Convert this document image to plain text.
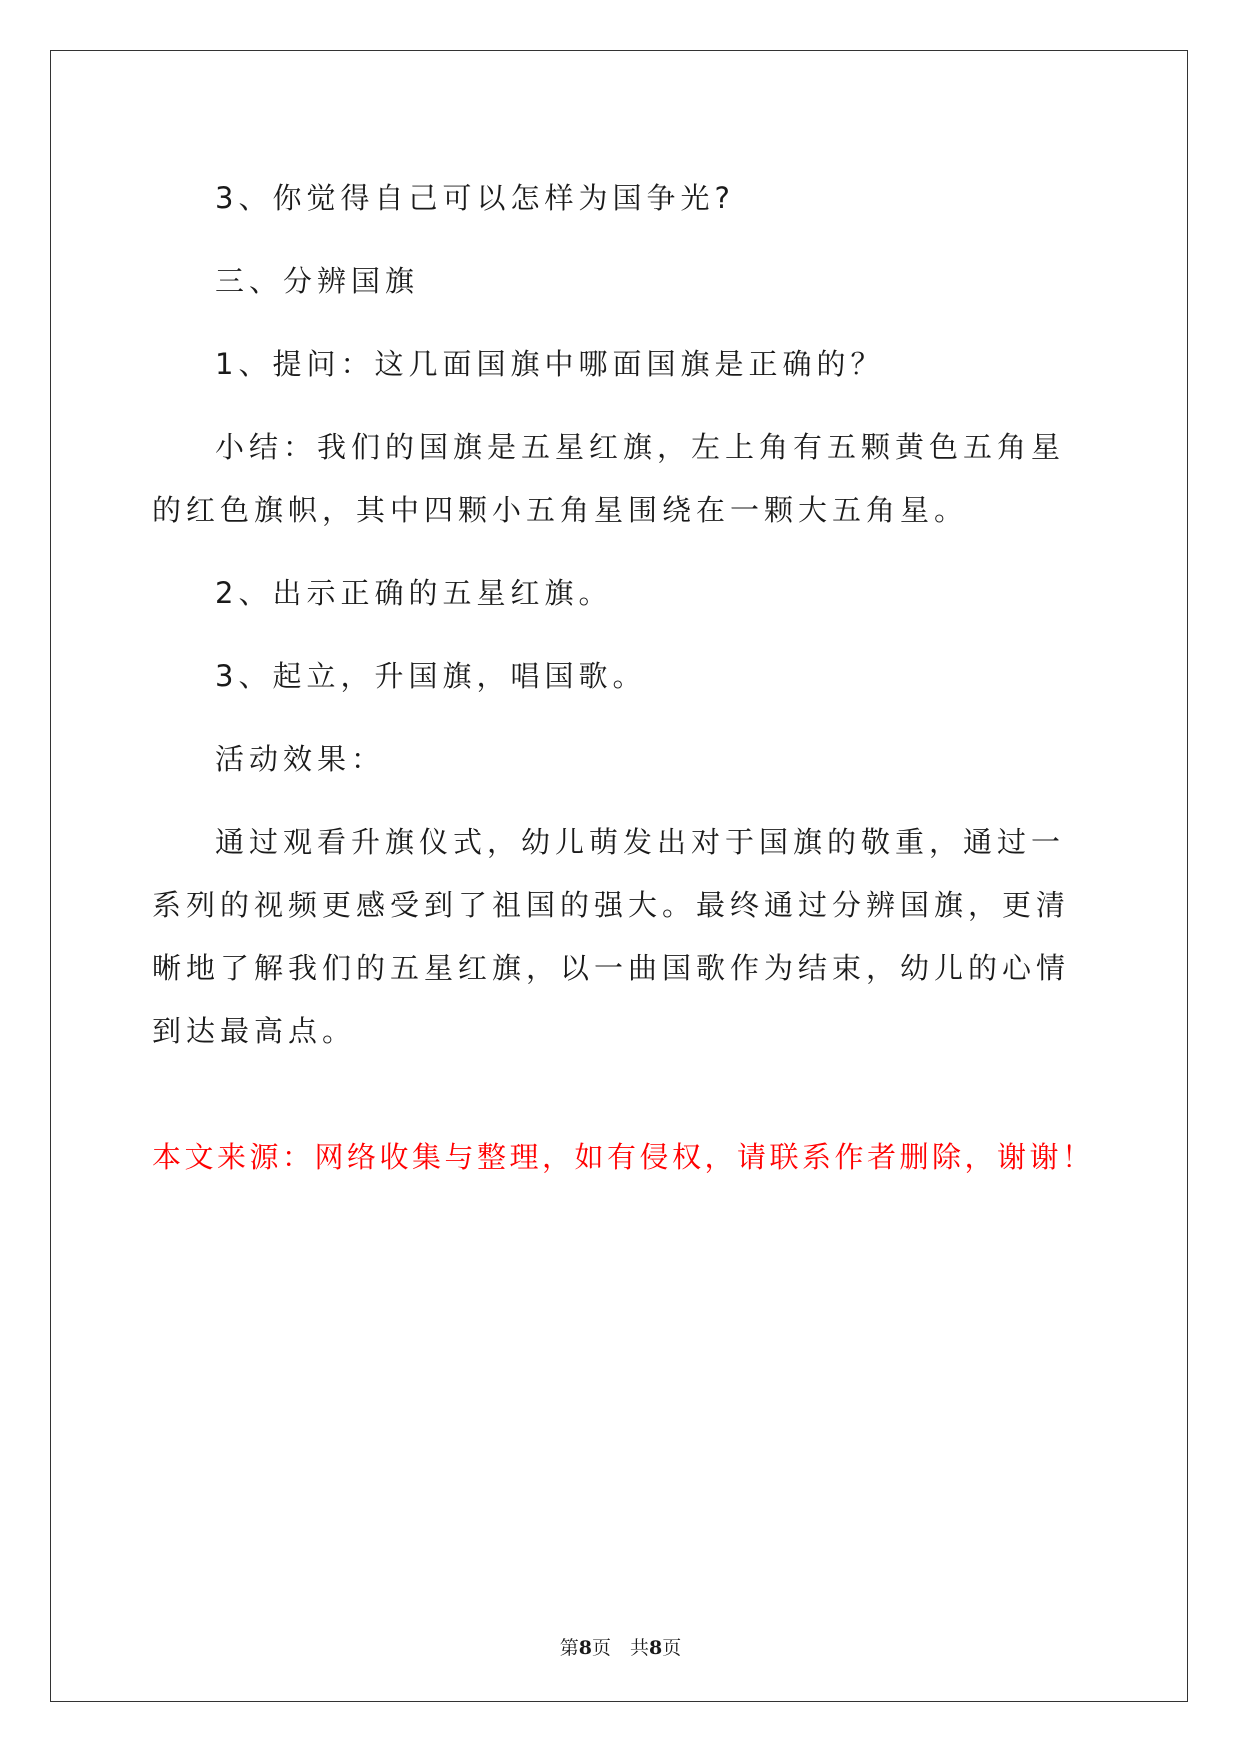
3、你觉得自己可以怎样为国争光?

三、分辨国旗

1、提问：这几面国旗中哪面国旗是正确的？

小结：我们的国旗是五星红旗，左上角有五颗黄色五角星的红色旗帜，其中四颗小五角星围绕在一颗大五角星。

2、出示正确的五星红旗。

3、起立，升国旗，唱国歌。

活动效果：

通过观看升旗仪式，幼儿萌发出对于国旗的敬重，通过一系列的视频更感受到了祖国的强大。最终通过分辨国旗，更清晰地了解我们的五星红旗，以一曲国歌作为结束，幼儿的心情到达最高点。

本文来源：网络收集与整理，如有侵权，请联系作者删除，谢谢！
第8页　共8页
